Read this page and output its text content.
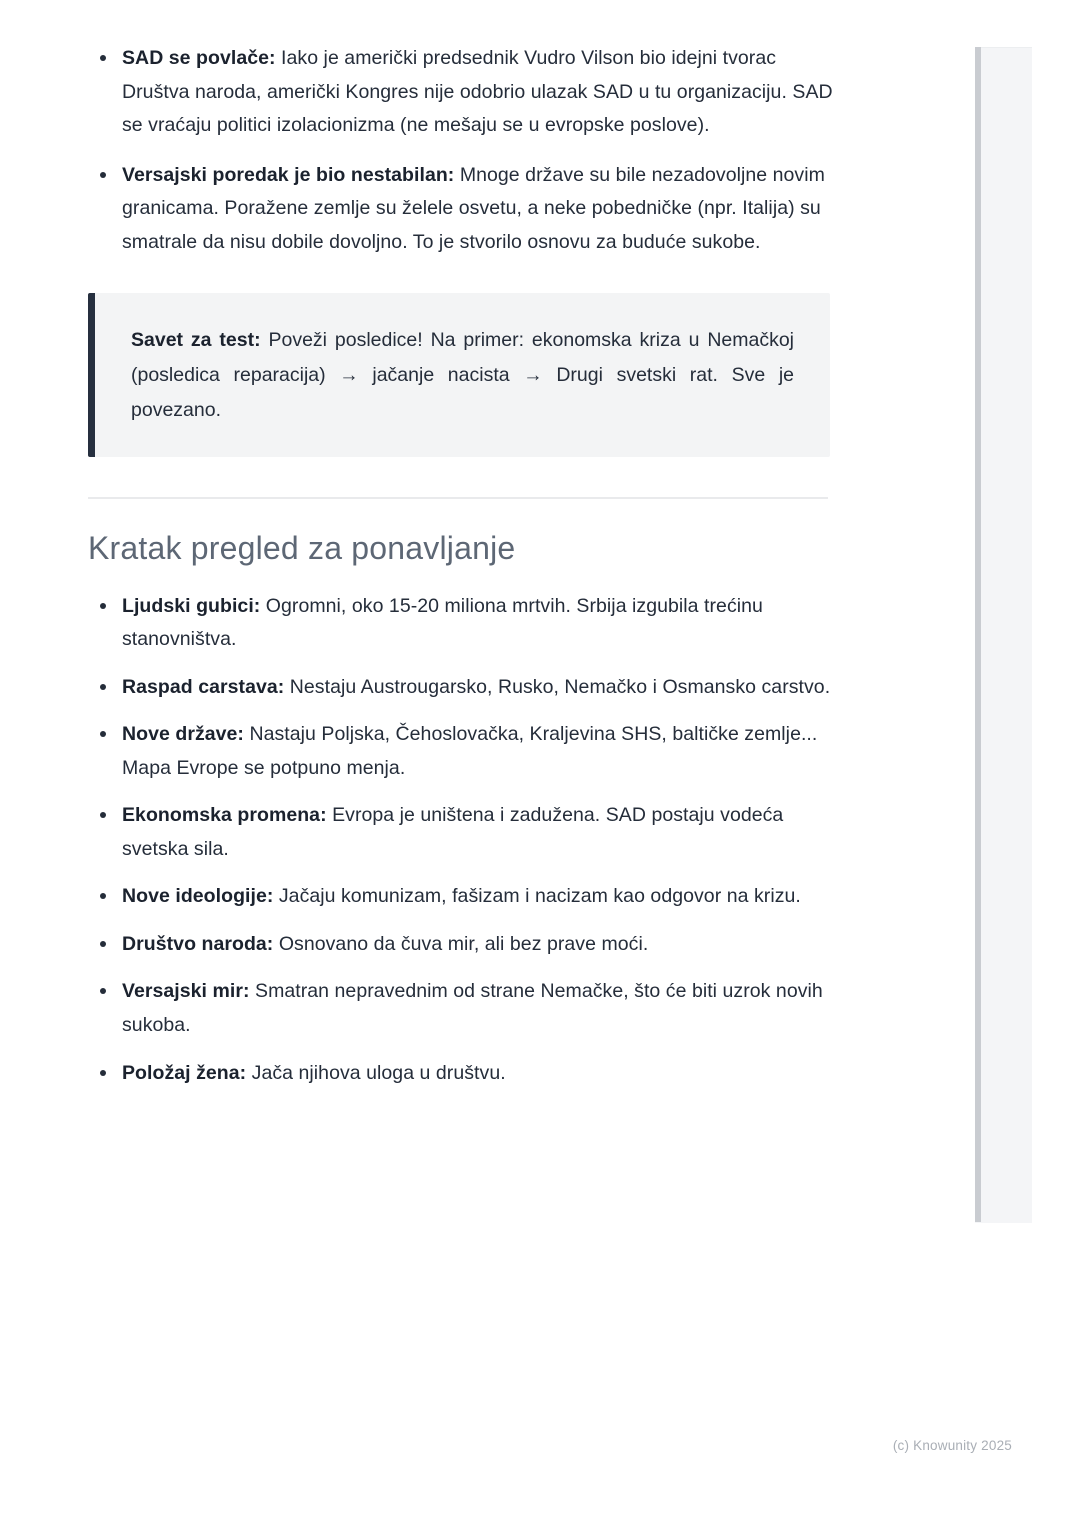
SAD se povlače: Iako je američki predsednik Vudro Vilson bio idejni tvorac Društva naroda, američki Kongres nije odobrio ulazak SAD u tu organizaciju. SAD se vraćaju politici izolacionizma (ne mešaju se u evropske poslove).
Versajski poredak je bio nestabilan: Mnoge države su bile nezadovoljne novim granicama. Poražene zemlje su želele osvetu, a neke pobedničke (npr. Italija) su smatrale da nisu dobile dovoljno. To je stvorilo osnovu za buduće sukobe.

Savet za test: Poveži posledice! Na primer: ekonomska kriza u Nemačkoj (posledica reparacija) → jačanje nacista → Drugi svetski rat. Sve je povezano.

Kratak pregled za ponavljanje
Ljudski gubici: Ogromni, oko 15-20 miliona mrtvih. Srbija izgubila trećinu stanovništva.
Raspad carstava: Nestaju Austrougarsko, Rusko, Nemačko i Osmansko carstvo.
Nove države: Nastaju Poljska, Čehoslovačka, Kraljevina SHS, baltičke zemlje... Mapa Evrope se potpuno menja.
Ekonomska promena: Evropa je uništena i zadužena. SAD postaju vodeća svetska sila.
Nove ideologije: Jačaju komunizam, fašizam i nacizam kao odgovor na krizu.
Društvo naroda: Osnovano da čuva mir, ali bez prave moći.
Versajski mir: Smatran nepravednim od strane Nemačke, što će biti uzrok novih sukoba.
Položaj žena: Jača njihova uloga u društvu.
(c) Knowunity 2025
